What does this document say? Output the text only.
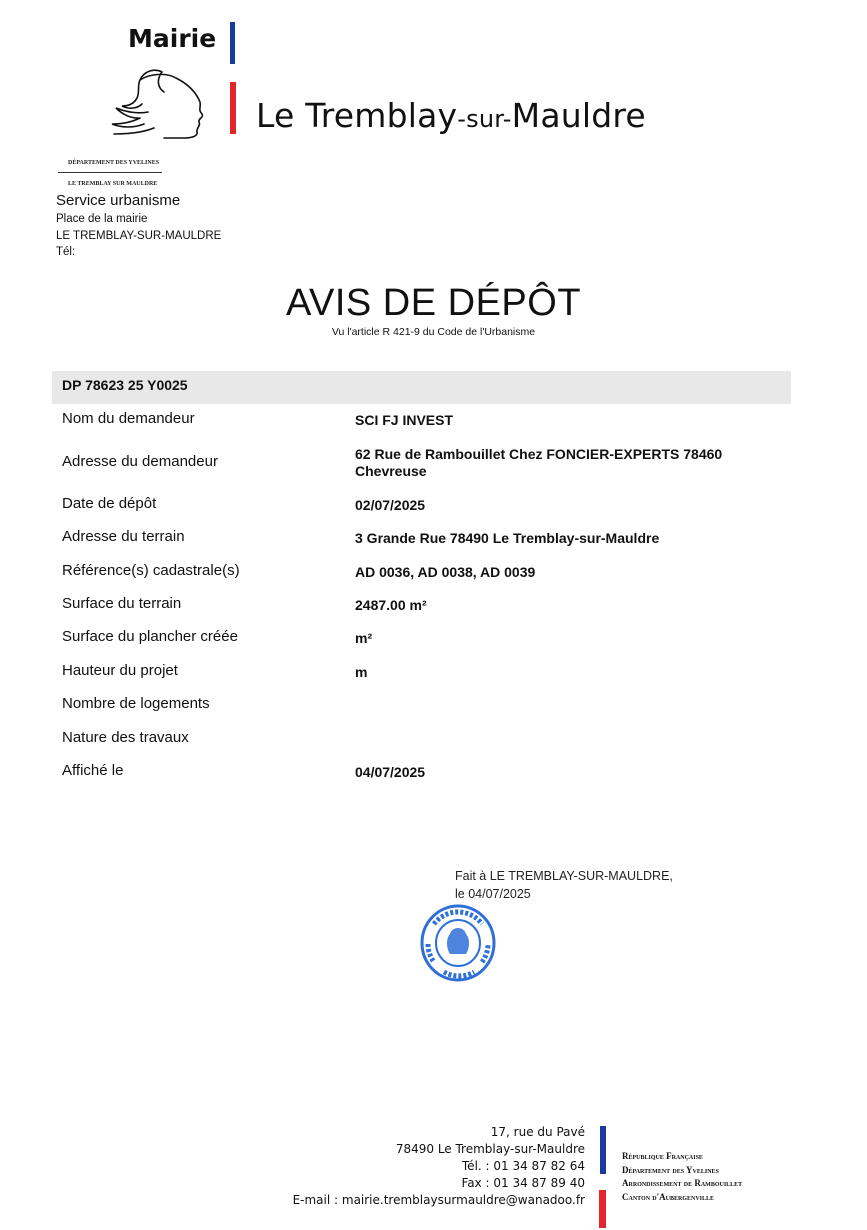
Mairie
Le Tremblay-sur-Mauldre
DÉPARTEMENT DES YVELINES
LE TREMBLAY SUR MAULDRE
Service urbanisme
Place de la mairie
LE TREMBLAY-SUR-MAULDRE
Tél:
AVIS DE DÉPÔT
Vu l'article R 421-9 du Code de l'Urbanisme
DP 78623 25 Y0025
Nom du demandeur	SCI FJ INVEST
Adresse du demandeur	62 Rue de Rambouillet Chez FONCIER-EXPERTS 78460 Chevreuse
Date de dépôt	02/07/2025
Adresse du terrain	3 Grande Rue 78490 Le Tremblay-sur-Mauldre
Référence(s) cadastrale(s)	AD 0036, AD 0038, AD 0039
Surface du terrain	2487.00 m²
Surface du plancher créée	m²
Hauteur du projet	m
Nombre de logements
Nature des travaux
Affiché le	04/07/2025
Fait à LE TREMBLAY-SUR-MAULDRE,
le 04/07/2025
17, rue du Pavé
78490 Le Tremblay-sur-Mauldre
Tél. : 01 34 87 82 64
Fax : 01 34 87 89 40
E-mail : mairie.tremblaysurmauldre@wanadoo.fr
République Française
Département des Yvelines
Arrondissement de Rambouillet
Canton d'Aubergenville
